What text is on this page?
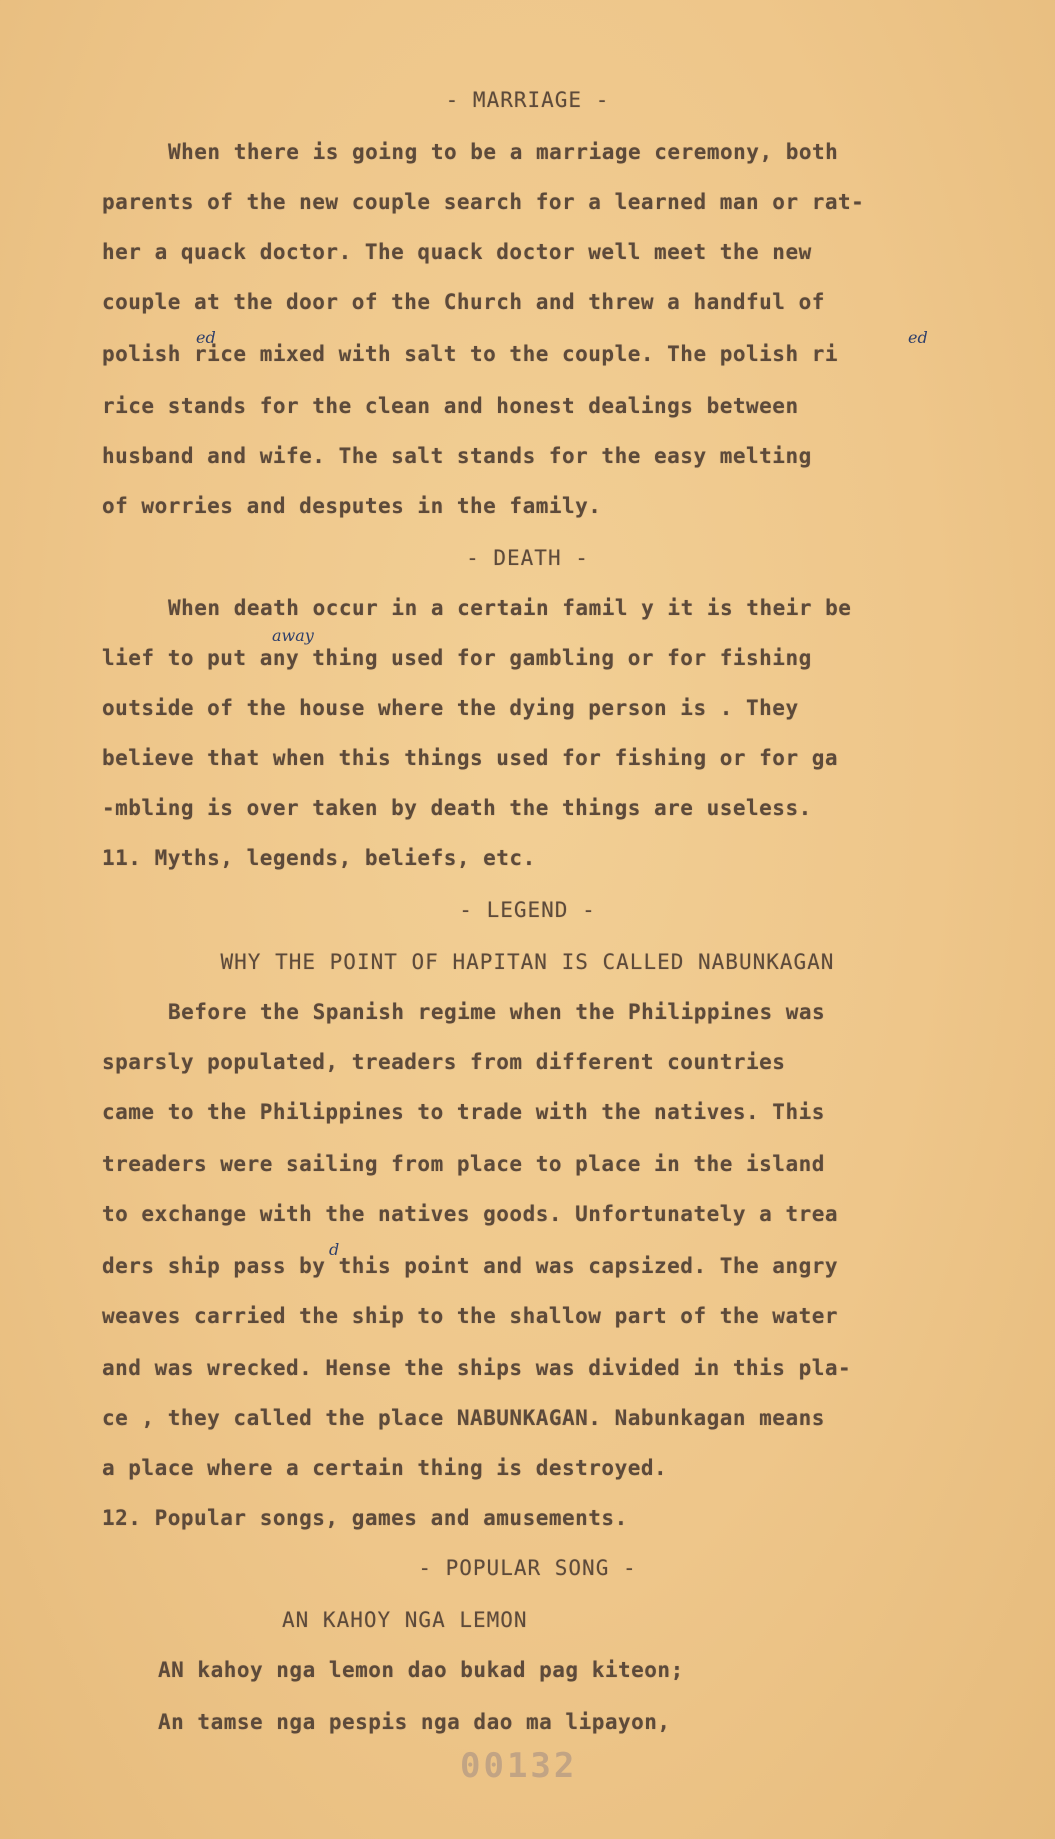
- MARRIAGE -
When there is going to be a marriage ceremony, both
parents of the new couple search for a learned man or rat-
her a quack doctor. The quack doctor well meet the new
couple at the door of the Church and threw a handful of
polish rice mixed with salt to the couple. The polish ri
rice stands for the clean and honest dealings between
husband and wife. The salt stands for the easy melting
of worries and desputes in the family.
ed	ed
- DEATH -
When death occur in a certain famil y it is their be
lief to put any thing used for gambling or for fishing
outside of the house where the dying person is . They
believe that when this things used for fishing or for ga
-mbling is over taken by death the things are useless.
away
11. Myths, legends, beliefs, etc.
- LEGEND -
WHY THE POINT OF HAPITAN IS CALLED NABUNKAGAN
Before the Spanish regime when the Philippines was
sparsly populated, treaders from different countries
came to the Philippines to trade with the natives. This
treaders were sailing from place to place in the island
to exchange with the natives goods. Unfortunately a trea
ders ship pass by this point and was capsized. The angry
weaves carried the ship to the shallow part of the water
and was wrecked. Hense the ships was divided in this pla-
ce , they called the place NABUNKAGAN. Nabunkagan means
a place where a certain thing is destroyed.
d
12. Popular songs, games and amusements.
- POPULAR SONG -
AN KAHOY NGA LEMON
AN kahoy nga lemon dao bukad pag kiteon;
An tamse nga pespis nga dao ma lipayon,
00132
